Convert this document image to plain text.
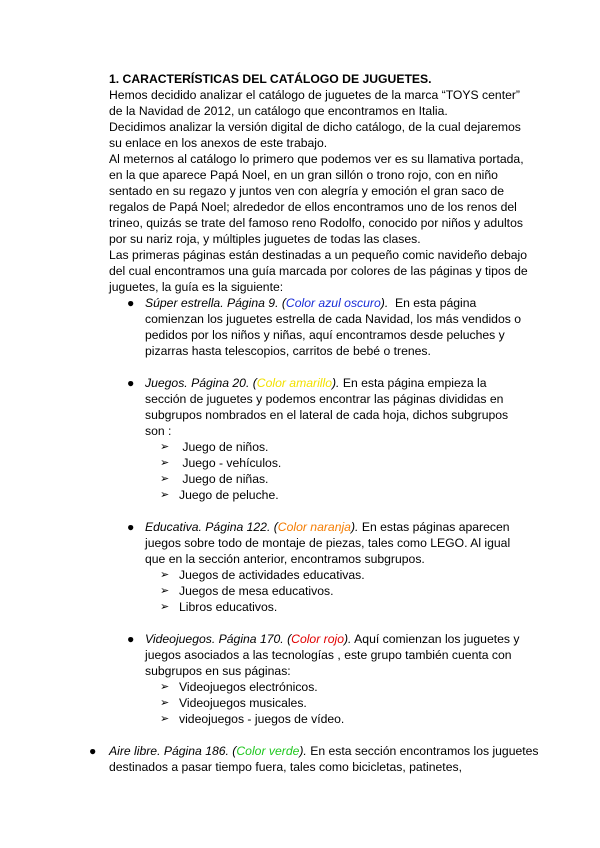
1. CARACTERÍSTICAS DEL CATÁLOGO DE JUGUETES.

Hemos decidido analizar el catálogo de juguetes de la marca “TOYS center” de la Navidad de 2012, un catálogo que encontramos en Italia.

Decidimos analizar la versión digital de dicho catálogo, de la cual dejaremos su enlace en los anexos de este trabajo.

Al meternos al catálogo lo primero que podemos ver es su llamativa portada, en la que aparece Papá Noel, en un gran sillón o trono rojo, con en niño sentado en su regazo y juntos ven con alegría y emoción el gran saco de regalos de Papá Noel; alrededor de ellos encontramos uno de los renos del trineo, quizás se trate del famoso reno Rodolfo, conocido por niños y adultos por su nariz roja, y múltiples juguetes de todas las clases.

Las primeras páginas están destinadas a un pequeño comic navideño debajo del cual encontramos una guía marcada por colores de las páginas y tipos de juguetes, la guía es la siguiente:

● Súper estrella. Página 9. (Color azul oscuro). En esta página comienzan los juguetes estrella de cada Navidad, los más vendidos o pedidos por los niños y niñas, aquí encontramos desde peluches y pizarras hasta telescopios, carritos de bebé o trenes.
● Juegos. Página 20. (Color amarillo). En esta página empieza la sección de juguetes y podemos encontrar las páginas divididas en subgrupos nombrados en el lateral de cada hoja, dichos subgrupos son :
➢ Juego de niños.
➢ Juego - vehículos.
➢ Juego de niñas.
➢ Juego de peluche.
● Educativa. Página 122. (Color naranja). En estas páginas aparecen juegos sobre todo de montaje de piezas, tales como LEGO. Al igual que en la sección anterior, encontramos subgrupos.
➢ Juegos de actividades educativas.
➢ Juegos de mesa educativos.
➢ Libros educativos.
● Videojuegos. Página 170. (Color rojo). Aquí comienzan los juguetes y juegos asociados a las tecnologías , este grupo también cuenta con subgrupos en sus páginas:
➢ Videojuegos electrónicos.
➢ Videojuegos musicales.
➢ videojuegos - juegos de vídeo.
● Aire libre. Página 186. (Color verde). En esta sección encontramos los juguetes destinados a pasar tiempo fuera, tales como bicicletas, patinetes,
